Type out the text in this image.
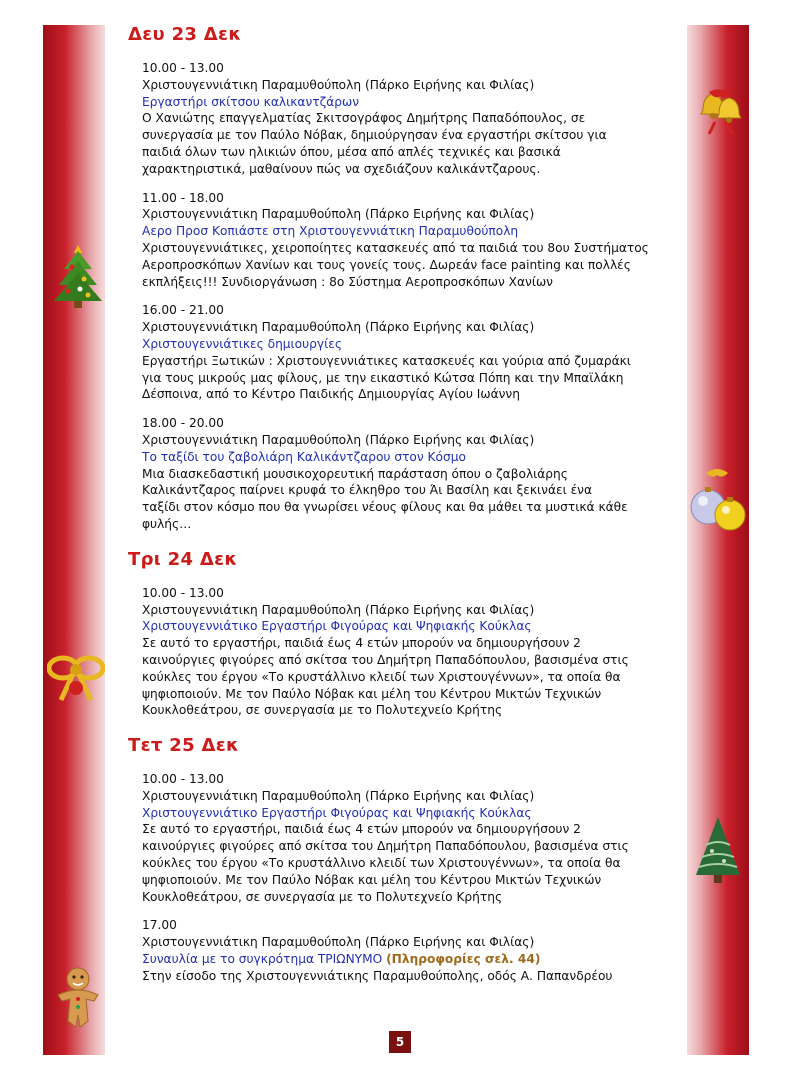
Δευ 23 Δεκ
10.00 - 13.00
Χριστουγεννιάτικη Παραμυθούπολη (Πάρκο Ειρήνης και Φιλίας)
Εργαστήρι σκίτσου καλικαντζάρων
Ο Χανιώτης επαγγελματίας Σκιτσογράφος Δημήτρης Παπαδόπουλος, σε
συνεργασία με τον Παύλο Νόβακ, δημιούργησαν ένα εργαστήρι σκίτσου για
παιδιά όλων των ηλικιών όπου, μέσα από απλές τεχνικές και βασικά
χαρακτηριστικά, μαθαίνουν πώς να σχεδιάζουν καλικάντζαρους.
11.00 - 18.00
Χριστουγεννιάτικη Παραμυθούπολη (Πάρκο Ειρήνης και Φιλίας)
Αερο Προσ Κοπιάστε στη Χριστουγεννιάτικη Παραμυθούπολη
Χριστουγεννιάτικες, χειροποίητες κατασκευές από τα παιδιά του 8ου Συστήματος
Αεροπροσκόπων Χανίων και τους γονείς τους. Δωρεάν face painting και πολλές
εκπλήξεις!!! Συνδιοργάνωση : 8ο Σύστημα Αεροπροσκόπων Χανίων
16.00 - 21.00
Χριστουγεννιάτικη Παραμυθούπολη (Πάρκο Ειρήνης και Φιλίας)
Χριστουγεννιάτικες δημιουργίες
Εργαστήρι Ξωτικών : Χριστουγεννιάτικες κατασκευές και γούρια από ζυμαράκι
για τους μικρούς μας φίλους, με την εικαστικό Κώτσα Πόπη και την Μπαϊλάκη
Δέσποινα, από το Κέντρο Παιδικής Δημιουργίας Αγίου Ιωάννη
18.00 - 20.00
Χριστουγεννιάτικη Παραμυθούπολη (Πάρκο Ειρήνης και Φιλίας)
Το ταξίδι του ζαβολιάρη Καλικάντζαρου στον Κόσμο
Μια διασκεδαστική μουσικοχορευτική παράσταση όπου ο ζαβολιάρης
Καλικάντζαρος παίρνει κρυφά το έλκηθρο του Άι Βασίλη και ξεκινάει ένα
ταξίδι στον κόσμο που θα γνωρίσει νέους φίλους και θα μάθει τα μυστικά κάθε
φυλής…
Τρι 24 Δεκ
10.00 - 13.00
Χριστουγεννιάτικη Παραμυθούπολη (Πάρκο Ειρήνης και Φιλίας)
Χριστουγεννιάτικο Εργαστήρι Φιγούρας και Ψηφιακής Κούκλας
Σε αυτό το εργαστήρι, παιδιά έως 4 ετών μπορούν να δημιουργήσουν 2
καινούργιες φιγούρες από σκίτσα του Δημήτρη Παπαδόπουλου, βασισμένα στις
κούκλες του έργου «Το κρυστάλλινο κλειδί των Χριστουγέννων», τα οποία θα
ψηφιοποιούν. Με τον Παύλο Νόβακ και μέλη του Κέντρου Μικτών Τεχνικών
Κουκλοθεάτρου, σε συνεργασία με το Πολυτεχνείο Κρήτης
Τετ 25 Δεκ
10.00 - 13.00
Χριστουγεννιάτικη Παραμυθούπολη (Πάρκο Ειρήνης και Φιλίας)
Χριστουγεννιάτικο Εργαστήρι Φιγούρας και Ψηφιακής Κούκλας
Σε αυτό το εργαστήρι, παιδιά έως 4 ετών μπορούν να δημιουργήσουν 2
καινούργιες φιγούρες από σκίτσα του Δημήτρη Παπαδόπουλου, βασισμένα στις
κούκλες του έργου «Το κρυστάλλινο κλειδί των Χριστουγέννων», τα οποία θα
ψηφιοποιούν. Με τον Παύλο Νόβακ και μέλη του Κέντρου Μικτών Τεχνικών
Κουκλοθεάτρου, σε συνεργασία με το Πολυτεχνείο Κρήτης
17.00
Χριστουγεννιάτικη Παραμυθούπολη (Πάρκο Ειρήνης και Φιλίας)
Συναυλία με το συγκρότημα ΤΡΙΩΝΥΜΟ (Πληροφορίες σελ. 44)
Στην είσοδο της Χριστουγεννιάτικης Παραμυθούπολης, οδός Α. Παπανδρέου
5
